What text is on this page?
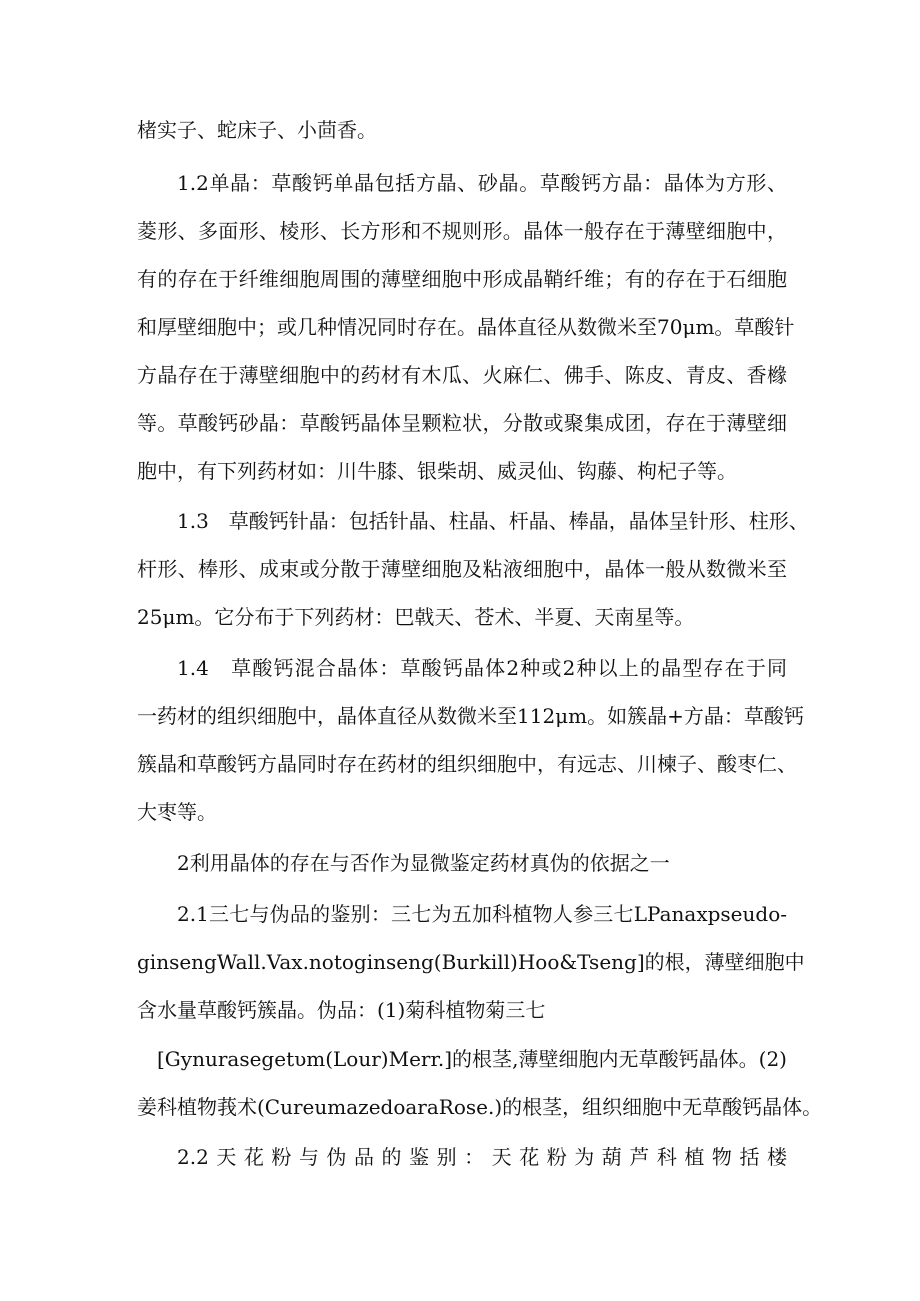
楮实子、蛇床子、小茴香。
1.2单晶：草酸钙单晶包括方晶、砂晶。草酸钙方晶：晶体为方形、
菱形、多面形、棱形、长方形和不规则形。晶体一般存在于薄壁细胞中，
有的存在于纤维细胞周围的薄壁细胞中形成晶鞘纤维；有的存在于石细胞
和厚壁细胞中；或几种情况同时存在。晶体直径从数微米至70μm。草酸针
方晶存在于薄壁细胞中的药材有木瓜、火麻仁、佛手、陈皮、青皮、香橼
等。草酸钙砂晶：草酸钙晶体呈颗粒状，分散或聚集成团，存在于薄壁细
胞中，有下列药材如：川牛膝、银柴胡、威灵仙、钩藤、枸杞子等。
1.3　草酸钙针晶：包括针晶、柱晶、杆晶、棒晶，晶体呈针形、柱形、
杆形、棒形、成束或分散于薄壁细胞及粘液细胞中，晶体一般从数微米至
25μm。它分布于下列药材：巴戟天、苍术、半夏、天南星等。
1.4　草酸钙混合晶体：草酸钙晶体2种或2种以上的晶型存在于同
一药材的组织细胞中，晶体直径从数微米至112μm。如簇晶+方晶：草酸钙
簇晶和草酸钙方晶同时存在药材的组织细胞中，有远志、川楝子、酸枣仁、
大枣等。
2利用晶体的存在与否作为显微鉴定药材真伪的依据之一
2.1三七与伪品的鉴别：三七为五加科植物人参三七LPanaxpseudo-
ginsengWall.Vax.notoginseng(Burkill)Hoo&Tseng]的根，薄壁细胞中
含水量草酸钙簇晶。伪品：(1)菊科植物菊三七
[Gynurasegetυm(Lour)Merr.]的根茎,薄壁细胞内无草酸钙晶体。(2)
姜科植物莪术(CureumazedoaraRose.)的根茎，组织细胞中无草酸钙晶体。
2.2天花粉与伪品的鉴别：天花粉为葫芦科植物括楼
